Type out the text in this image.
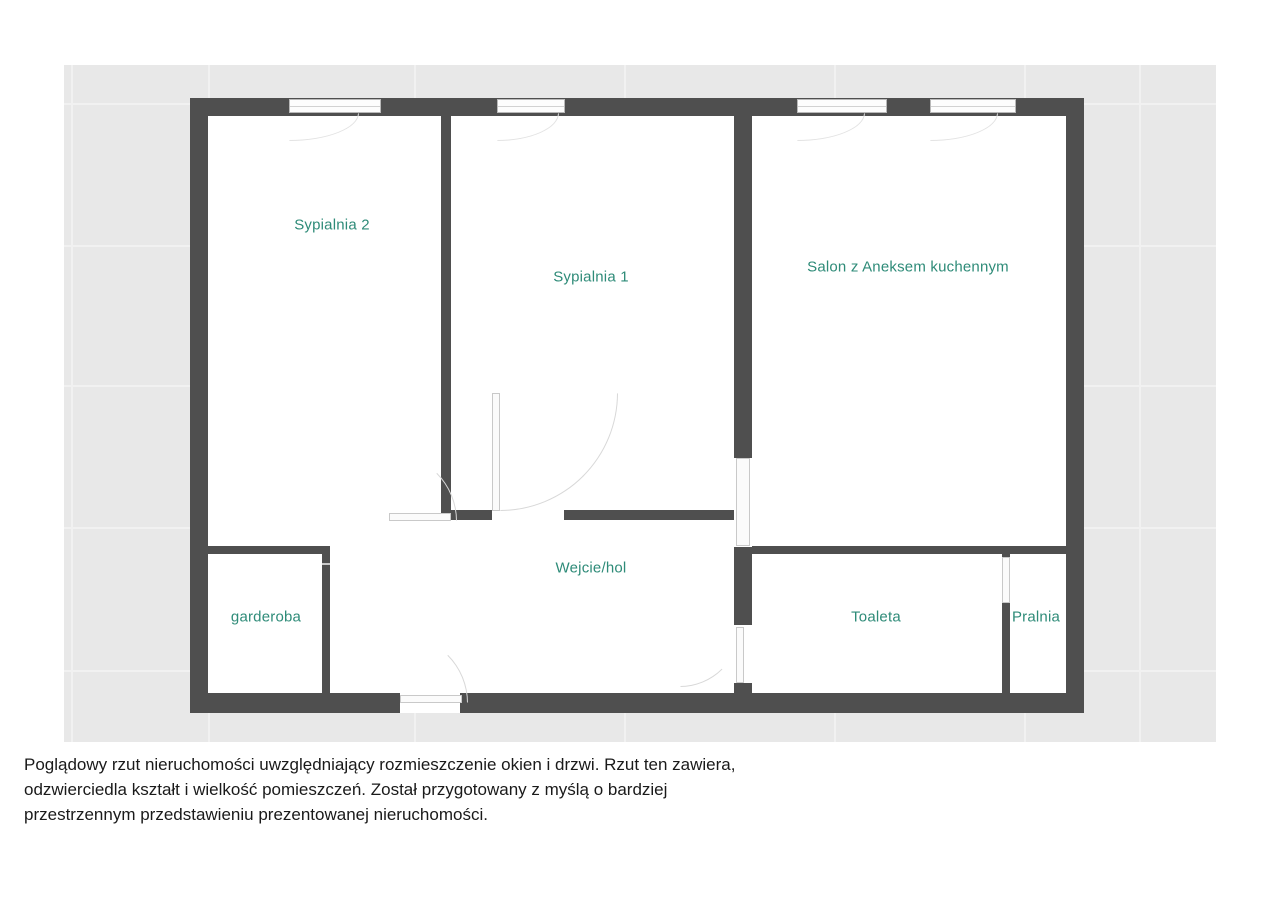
Sypialnia 2
Sypialnia 1
Salon z Aneksem kuchennym
Wejcie/hol
garderoba	Toaleta	Pralnia
Poglądowy rzut nieruchomości uwzględniający rozmieszczenie okien i drzwi. Rzut ten zawiera,
odzwierciedla kształt i wielkość pomieszczeń. Został przygotowany z myślą o bardziej
przestrzennym przedstawieniu prezentowanej nieruchomości.
